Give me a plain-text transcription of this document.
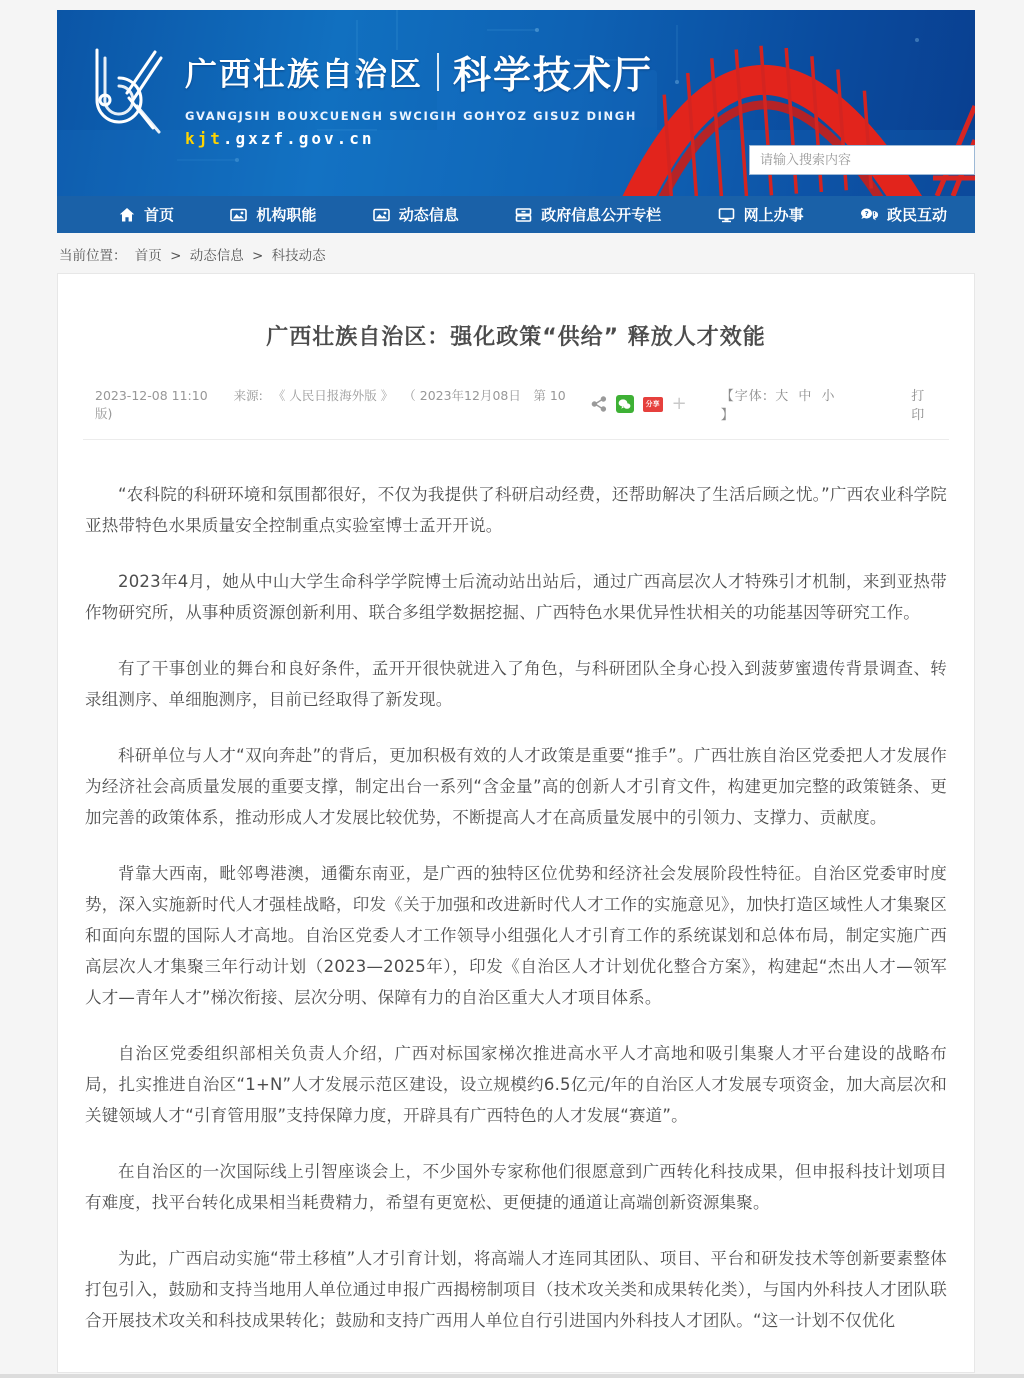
广西壮族自治区 科学技术厅
GVANGJSIH BOUXCUENGH SWCIGIH GOHYOZ GISUZ DINGH
kjt.gxzf.gov.cn
请输入搜索内容
首页	机构职能	动态信息	政府信息公开专栏	网上办事	? ! 政民互动
当前位置： 首页 > 动态信息 > 科技动态
广西壮族自治区：强化政策“供给” 释放人才效能
2023-12-08 11:10 来源: 《 人民日报海外版 》 （ 2023年12月08日　第 10 版)
分享 +	【字体: 大 中 小 】
打印

“农科院的科研环境和氛围都很好，不仅为我提供了科研启动经费，还帮助解决了生活后顾之忧。”广西农业科学院亚热带特色水果质量安全控制重点实验室博士孟开开说。

2023年4月，她从中山大学生命科学学院博士后流动站出站后，通过广西高层次人才特殊引才机制，来到亚热带作物研究所，从事种质资源创新利用、联合多组学数据挖掘、广西特色水果优异性状相关的功能基因等研究工作。

有了干事创业的舞台和良好条件，孟开开很快就进入了角色，与科研团队全身心投入到菠萝蜜遗传背景调查、转录组测序、单细胞测序，目前已经取得了新发现。

科研单位与人才“双向奔赴”的背后，更加积极有效的人才政策是重要“推手”。广西壮族自治区党委把人才发展作为经济社会高质量发展的重要支撑，制定出台一系列“含金量”高的创新人才引育文件，构建更加完整的政策链条、更加完善的政策体系，推动形成人才发展比较优势，不断提高人才在高质量发展中的引领力、支撑力、贡献度。

背靠大西南，毗邻粤港澳，通衢东南亚，是广西的独特区位优势和经济社会发展阶段性特征。自治区党委审时度势，深入实施新时代人才强桂战略，印发《关于加强和改进新时代人才工作的实施意见》，加快打造区域性人才集聚区和面向东盟的国际人才高地。自治区党委人才工作领导小组强化人才引育工作的系统谋划和总体布局，制定实施广西高层次人才集聚三年行动计划（2023—2025年），印发《自治区人才计划优化整合方案》，构建起“杰出人才—领军人才—青年人才”梯次衔接、层次分明、保障有力的自治区重大人才项目体系。

自治区党委组织部相关负责人介绍，广西对标国家梯次推进高水平人才高地和吸引集聚人才平台建设的战略布局，扎实推进自治区“1+N”人才发展示范区建设，设立规模约6.5亿元/年的自治区人才发展专项资金，加大高层次和关键领域人才“引育管用服”支持保障力度，开辟具有广西特色的人才发展“赛道”。

在自治区的一次国际线上引智座谈会上，不少国外专家称他们很愿意到广西转化科技成果，但申报科技计划项目有难度，找平台转化成果相当耗费精力，希望有更宽松、更便捷的通道让高端创新资源集聚。

为此，广西启动实施“带土移植”人才引育计划，将高端人才连同其团队、项目、平台和研发技术等创新要素整体打包引入，鼓励和支持当地用人单位通过申报广西揭榜制项目（技术攻关类和成果转化类），与国内外科技人才团队联合开展技术攻关和科技成果转化；鼓励和支持广西用人单位自行引进国内外科技人才团队。“这一计划不仅优化
